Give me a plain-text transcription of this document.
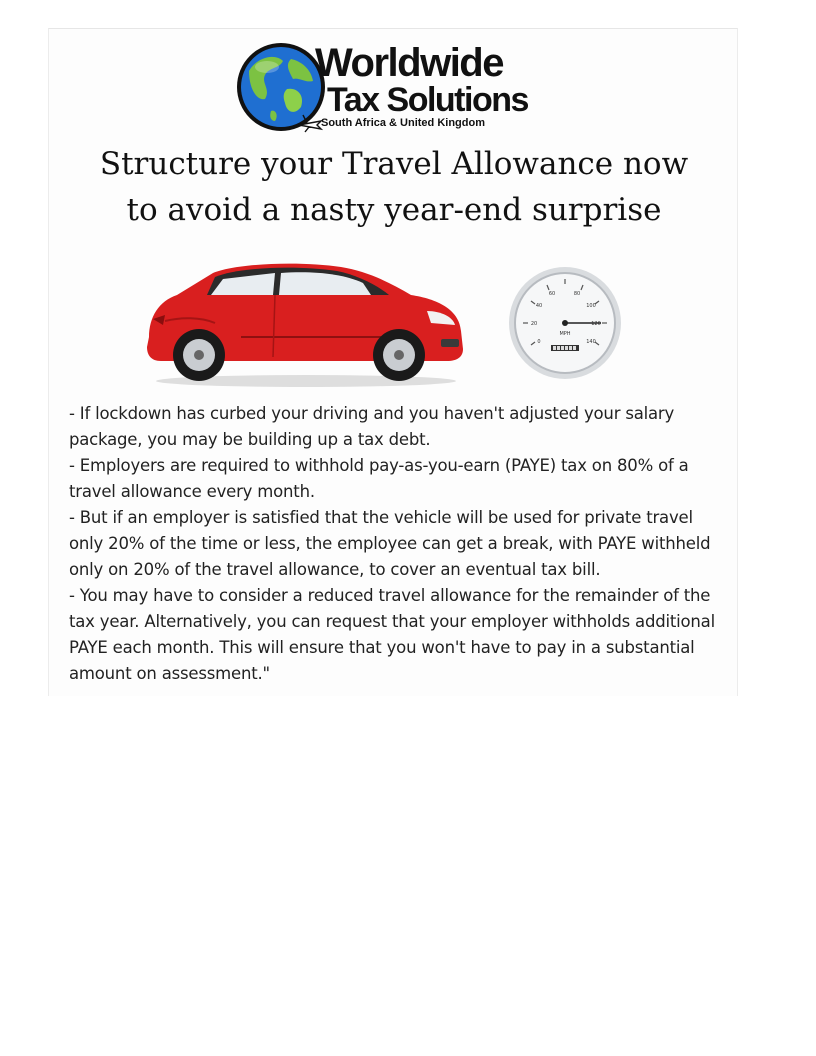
Worldwide
Tax Solutions
South Africa & United Kingdom
Structure your Travel Allowance now
to avoid a nasty year-end surprise
0
20
40
60	80
100
120
140
MPH

- If lockdown has curbed your driving and you haven't adjusted your salary package, you may be building up a tax debt.

- Employers are required to withhold pay-as-you-earn (PAYE) tax on 80% of a travel allowance every month.

- But if an employer is satisfied that the vehicle will be used for private travel only 20% of the time or less, the employee can get a break, with PAYE withheld only on 20% of the travel allowance, to cover an eventual tax bill.

- You may have to consider a reduced travel allowance for the remainder of the tax year. Alternatively, you can request that your employer withholds additional PAYE each month. This will ensure that you won't have to pay in a substantial amount on assessment."
